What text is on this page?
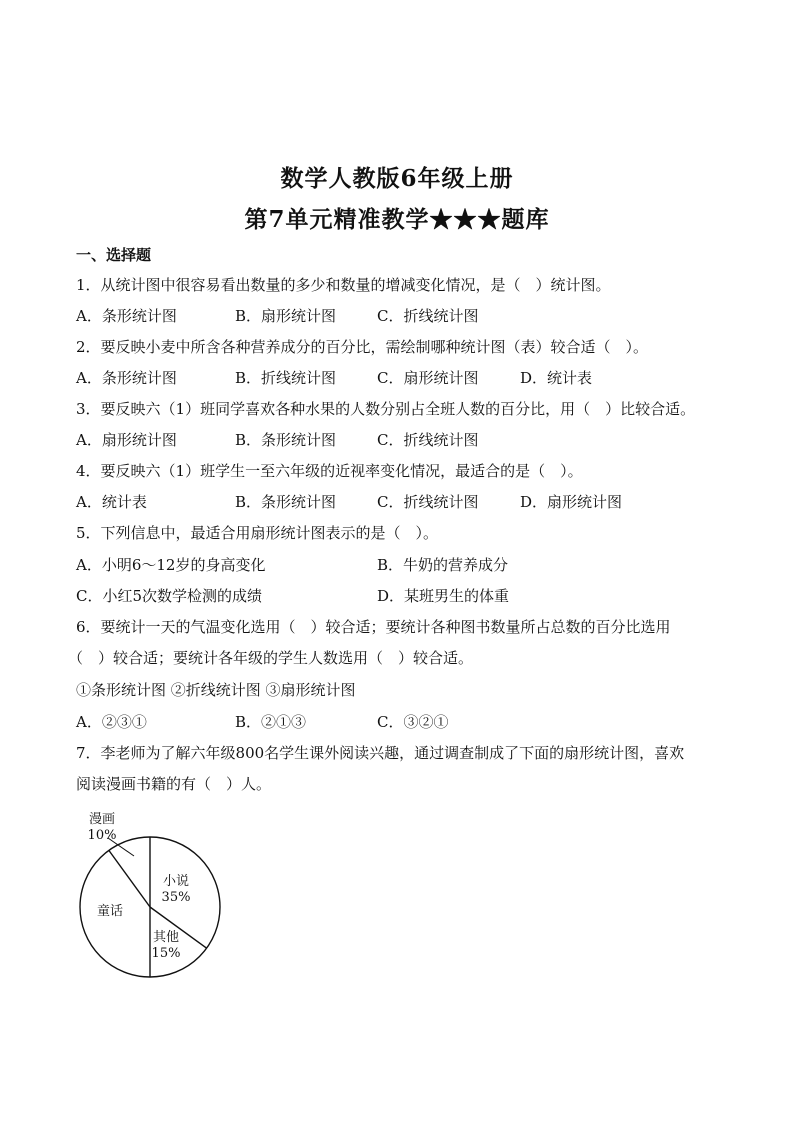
数学人教版6年级上册
第7单元精准教学★★★题库
一、选择题
1．从统计图中很容易看出数量的多少和数量的增减变化情况，是（　）统计图。
A．条形统计图	B．扇形统计图	C．折线统计图
2．要反映小麦中所含各种营养成分的百分比，需绘制哪种统计图（表）较合适（　）。
A．条形统计图	B．折线统计图	C．扇形统计图	D．统计表
3．要反映六（1）班同学喜欢各种水果的人数分别占全班人数的百分比，用（　）比较合适。
A．扇形统计图	B．条形统计图	C．折线统计图
4．要反映六（1）班学生一至六年级的近视率变化情况，最适合的是（　）。
A．统计表	B．条形统计图	C．折线统计图	D．扇形统计图
5．下列信息中，最适合用扇形统计图表示的是（　）。
A．小明6～12岁的身高变化	B．牛奶的营养成分
C．小红5次数学检测的成绩	D．某班男生的体重
6．要统计一天的气温变化选用（　）较合适；要统计各种图书数量所占总数的百分比选用
（　）较合适；要统计各年级的学生人数选用（　）较合适。
①条形统计图 ②折线统计图 ③扇形统计图
A．②③①	B．②①③	C．③②①
7．李老师为了解六年级800名学生课外阅读兴趣，通过调查制成了下面的扇形统计图，喜欢
阅读漫画书籍的有（　）人。
漫画
10%
小说
35%
其他
15%
童话
